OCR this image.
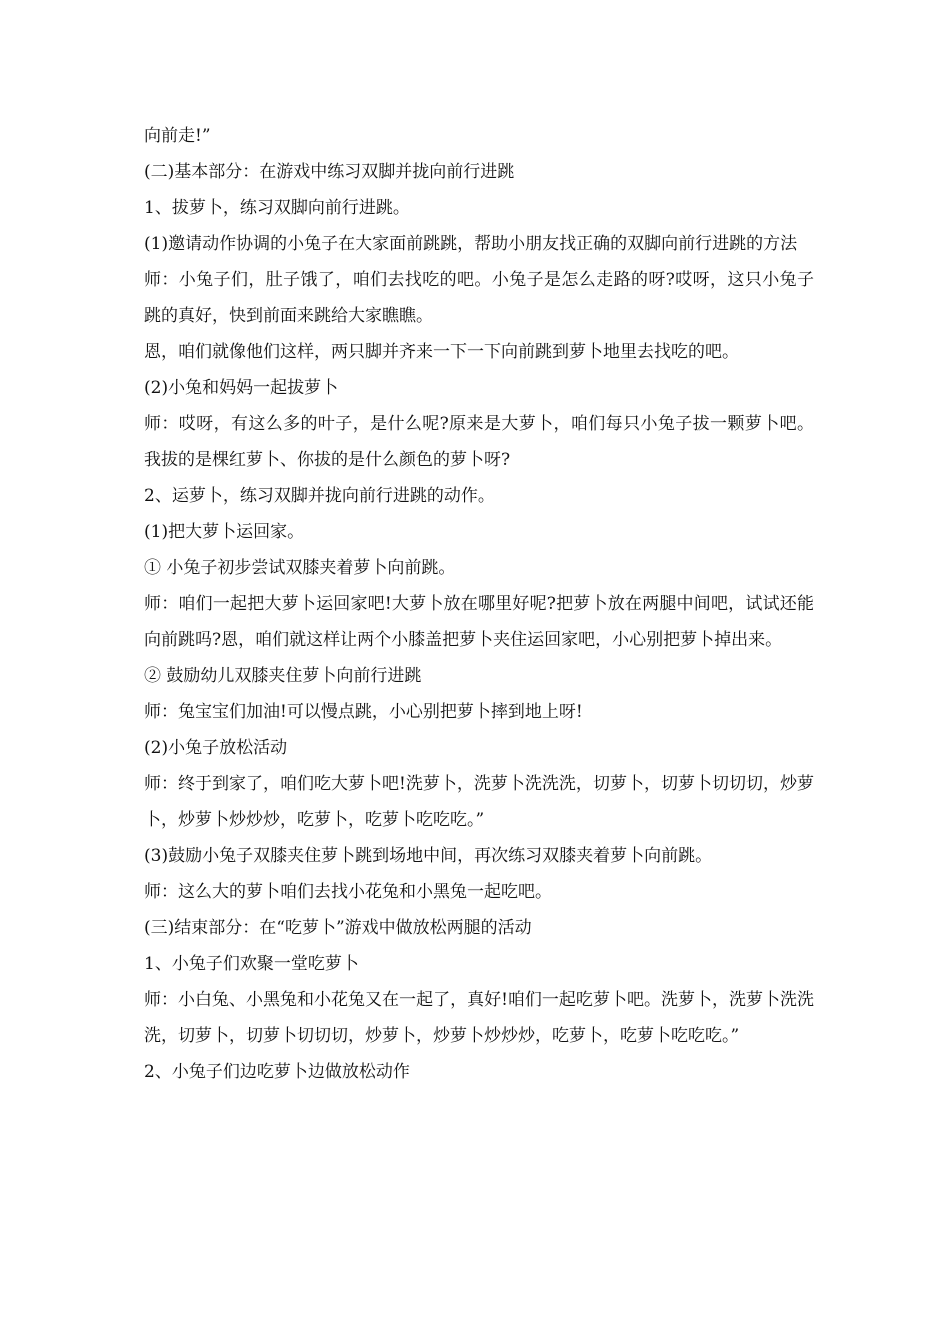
向前走!”

(二)基本部分：在游戏中练习双脚并拢向前行进跳

1、拔萝卜，练习双脚向前行进跳。

(1)邀请动作协调的小兔子在大家面前跳跳，帮助小朋友找正确的双脚向前行进跳的方法

师：小兔子们，肚子饿了，咱们去找吃的吧。小兔子是怎么走路的呀?哎呀，这只小兔子跳的真好，快到前面来跳给大家瞧瞧。

恩，咱们就像他们这样，两只脚并齐来一下一下向前跳到萝卜地里去找吃的吧。

(2)小兔和妈妈一起拔萝卜

师：哎呀，有这么多的叶子，是什么呢?原来是大萝卜，咱们每只小兔子拔一颗萝卜吧。我拔的是棵红萝卜、你拔的是什么颜色的萝卜呀?

2、运萝卜，练习双脚并拢向前行进跳的动作。

(1)把大萝卜运回家。

① 小兔子初步尝试双膝夹着萝卜向前跳。

师：咱们一起把大萝卜运回家吧!大萝卜放在哪里好呢?把萝卜放在两腿中间吧，试试还能向前跳吗?恩，咱们就这样让两个小膝盖把萝卜夹住运回家吧，小心别把萝卜掉出来。

② 鼓励幼儿双膝夹住萝卜向前行进跳

师：兔宝宝们加油!可以慢点跳，小心别把萝卜摔到地上呀!

(2)小兔子放松活动

师：终于到家了，咱们吃大萝卜吧!洗萝卜，洗萝卜洗洗洗，切萝卜，切萝卜切切切，炒萝卜，炒萝卜炒炒炒，吃萝卜，吃萝卜吃吃吃。”

(3)鼓励小兔子双膝夹住萝卜跳到场地中间，再次练习双膝夹着萝卜向前跳。

师：这么大的萝卜咱们去找小花兔和小黑兔一起吃吧。

(三)结束部分：在“吃萝卜”游戏中做放松两腿的活动

1、小兔子们欢聚一堂吃萝卜

师：小白兔、小黑兔和小花兔又在一起了，真好!咱们一起吃萝卜吧。洗萝卜，洗萝卜洗洗洗，切萝卜，切萝卜切切切，炒萝卜，炒萝卜炒炒炒，吃萝卜，吃萝卜吃吃吃。”

2、小兔子们边吃萝卜边做放松动作
